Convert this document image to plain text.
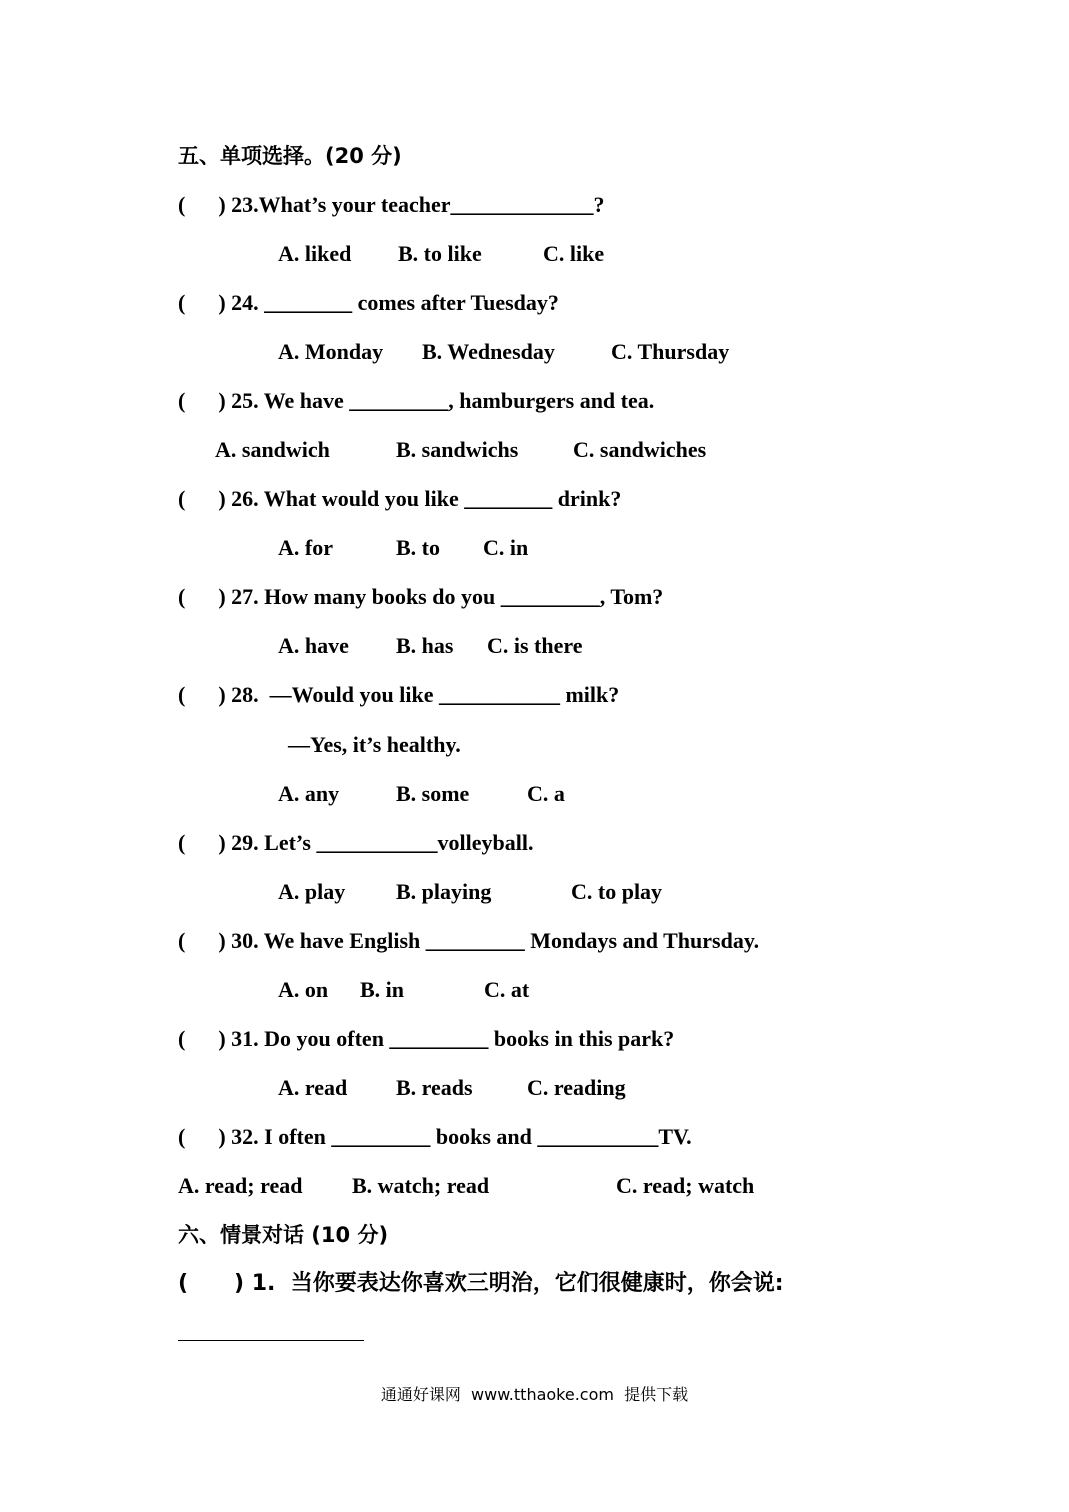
五、单项选择。(20 分)
(      ) 23.What’s your teacher_____________?
A. liked B. to like	C. like
(      ) 24. ________ comes after Tuesday?
A. Monday B. Wednesday	C. Thursday
(      ) 25. We have _________, hamburgers and tea.
A. sandwich	B. sandwichs C. sandwiches
(      ) 26. What would you like ________ drink?
A. for	B. to C. in
(      ) 27. How many books do you _________, Tom?
A. have B. has C. is there
(      ) 28.  —Would you like ___________ milk?
—Yes, it’s healthy.
A. any	B. some	C. a
(      ) 29. Let’s ___________volleyball.
A. play B. playing	C. to play
(      ) 30. We have English _________ Mondays and Thursday.
A. on B. in	C. at
(      ) 31. Do you often _________ books in this park?
A. read B. reads C. reading
(      ) 32. I often _________ books and ___________TV.
A. read; read B. watch; read	C. read; watch
六、情景对话 (10 分)
(      ) 1.  当你要表达你喜欢三明治，它们很健康时，你会说:
通通好课网  www.tthaoke.com  提供下载
